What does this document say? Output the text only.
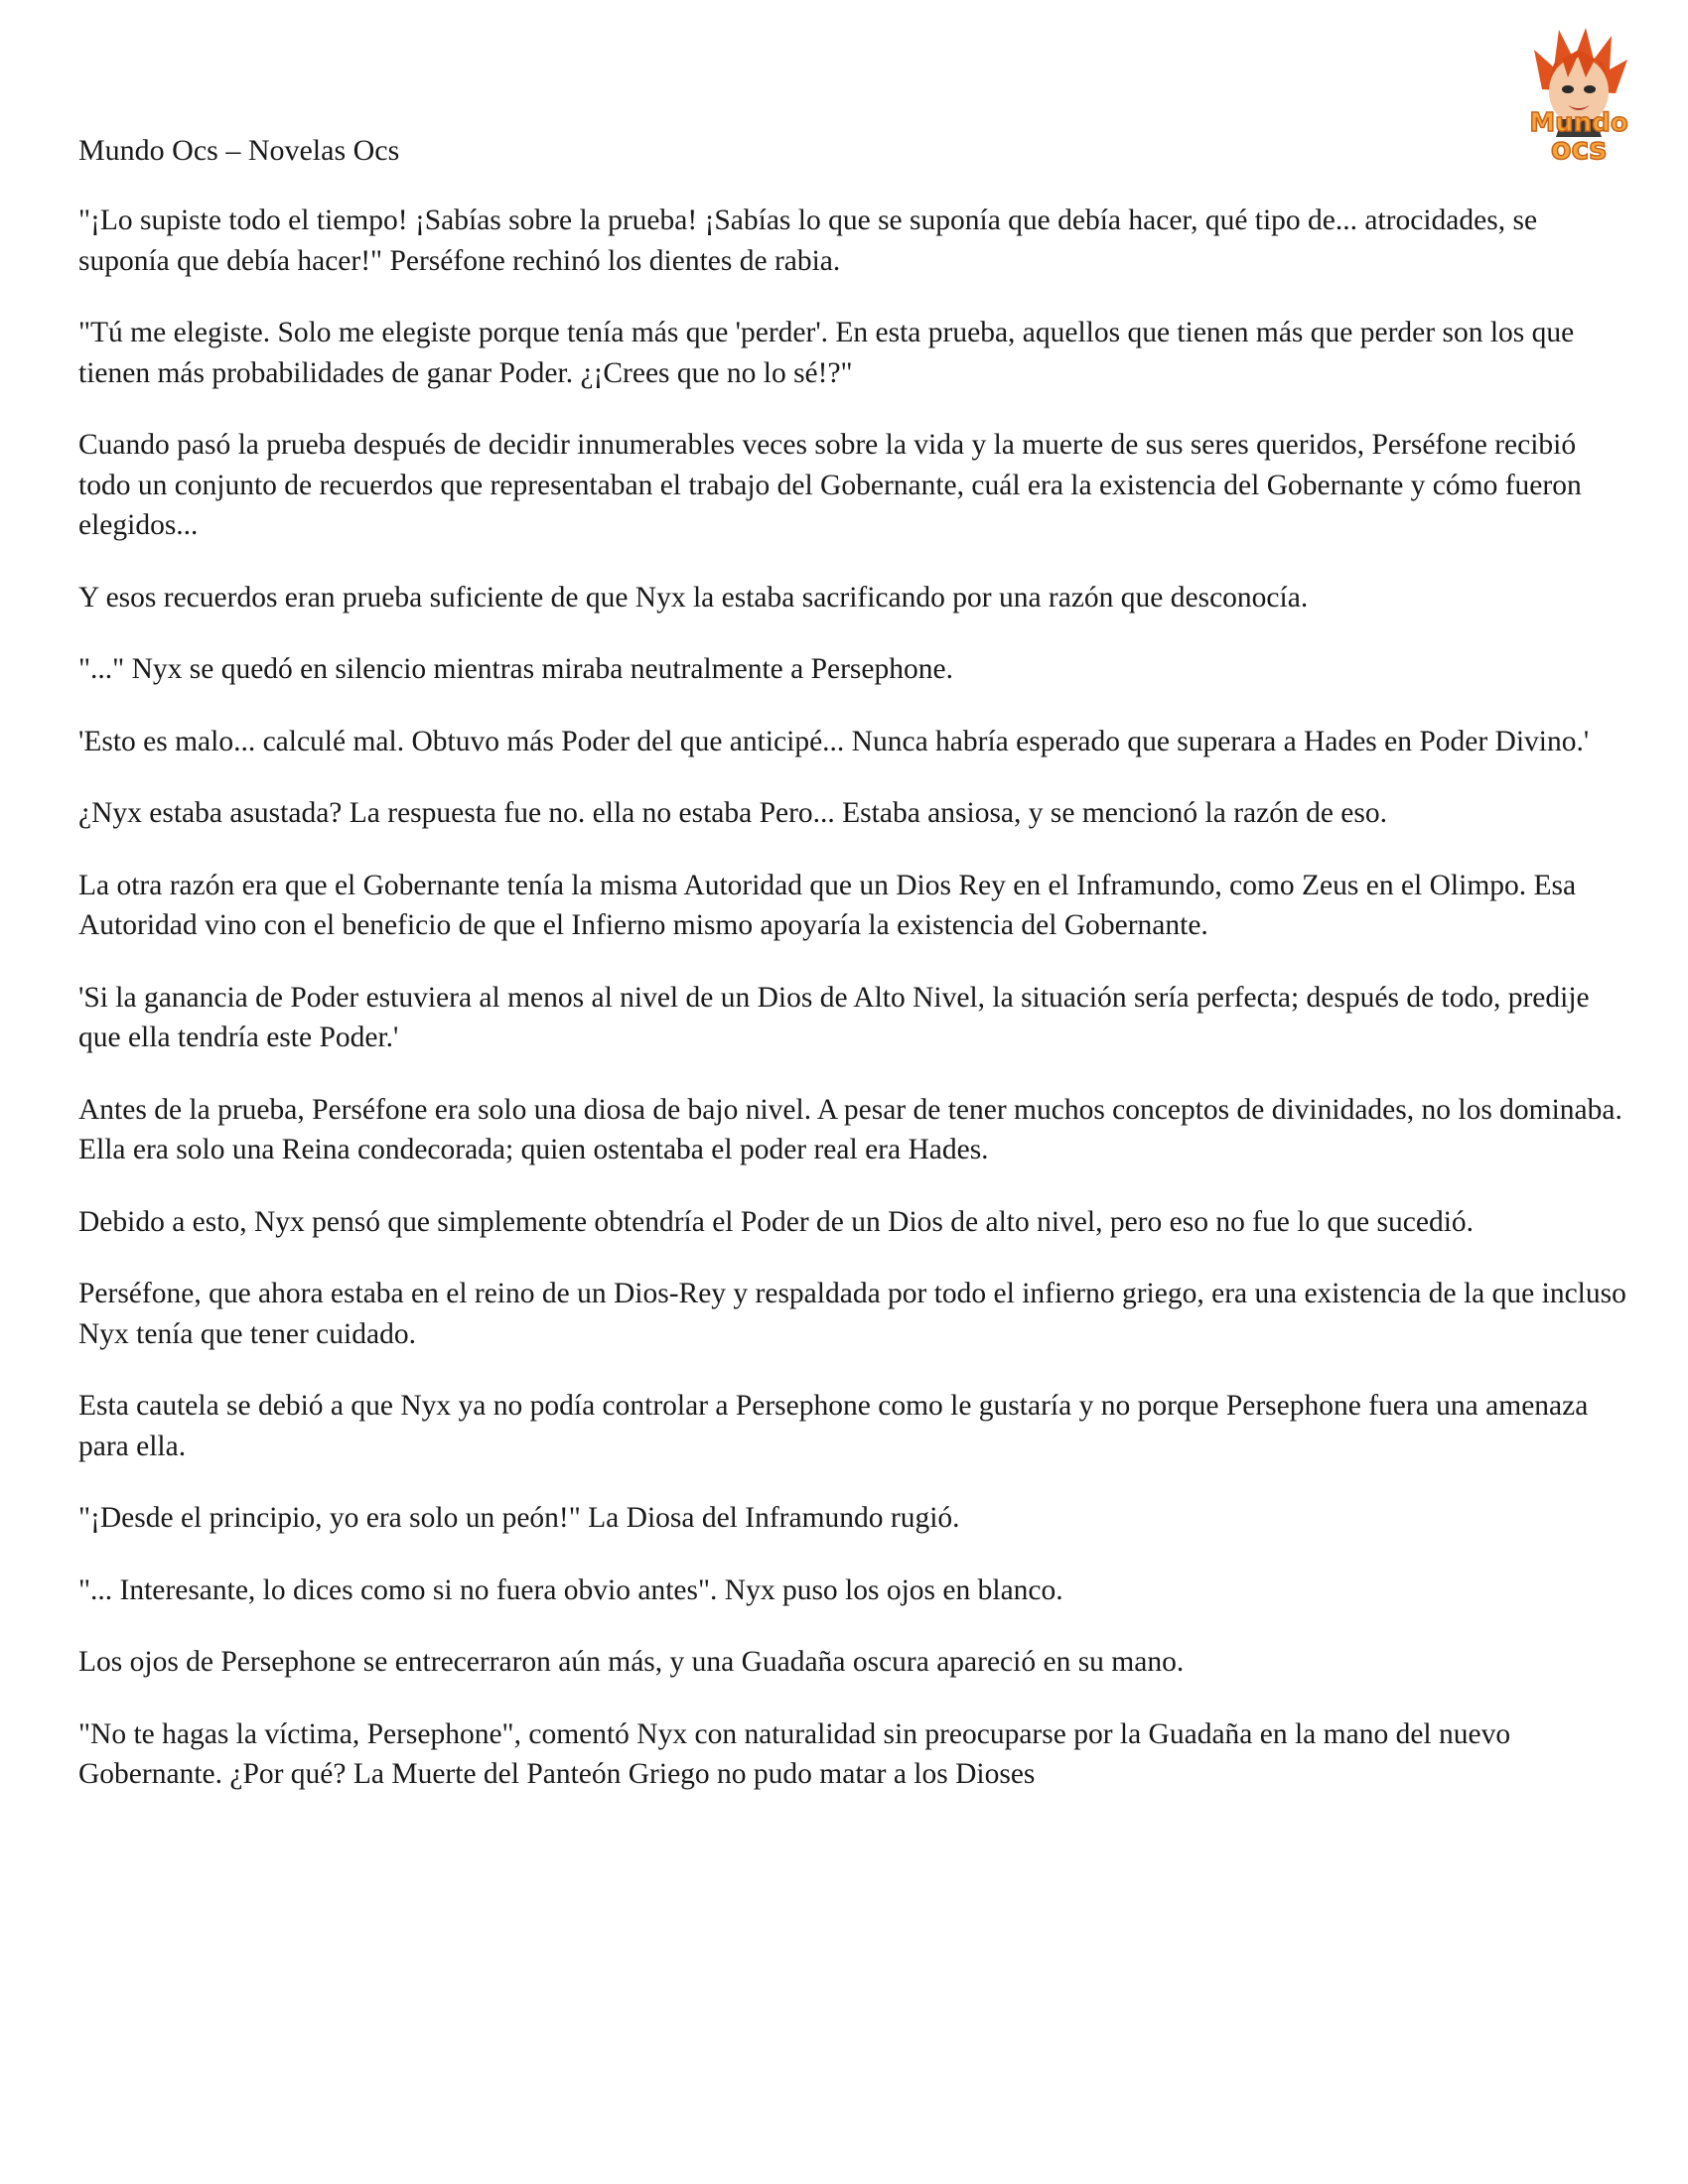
Mundo
ocs
Mundo Ocs – Novelas Ocs

"¡Lo supiste todo el tiempo! ¡Sabías sobre la prueba! ¡Sabías lo que se suponía que debía hacer, qué tipo de... atrocidades, se suponía que debía hacer!" Perséfone rechinó los dientes de rabia.

"Tú me elegiste. Solo me elegiste porque tenía más que 'perder'. En esta prueba, aquellos que tienen más que perder son los que tienen más probabilidades de ganar Poder. ¿¡Crees que no lo sé!?"

Cuando pasó la prueba después de decidir innumerables veces sobre la vida y la muerte de sus seres queridos, Perséfone recibió todo un conjunto de recuerdos que representaban el trabajo del Gobernante, cuál era la existencia del Gobernante y cómo fueron elegidos...

Y esos recuerdos eran prueba suficiente de que Nyx la estaba sacrificando por una razón que desconocía.

"..." Nyx se quedó en silencio mientras miraba neutralmente a Persephone.

'Esto es malo... calculé mal. Obtuvo más Poder del que anticipé... Nunca habría esperado que superara a Hades en Poder Divino.'

¿Nyx estaba asustada? La respuesta fue no. ella no estaba Pero... Estaba ansiosa, y se mencionó la razón de eso.

La otra razón era que el Gobernante tenía la misma Autoridad que un Dios Rey en el Inframundo, como Zeus en el Olimpo. Esa Autoridad vino con el beneficio de que el Infierno mismo apoyaría la existencia del Gobernante.

'Si la ganancia de Poder estuviera al menos al nivel de un Dios de Alto Nivel, la situación sería perfecta; después de todo, predije que ella tendría este Poder.'

Antes de la prueba, Perséfone era solo una diosa de bajo nivel. A pesar de tener muchos conceptos de divinidades, no los dominaba. Ella era solo una Reina condecorada; quien ostentaba el poder real era Hades.

Debido a esto, Nyx pensó que simplemente obtendría el Poder de un Dios de alto nivel, pero eso no fue lo que sucedió.

Perséfone, que ahora estaba en el reino de un Dios-Rey y respaldada por todo el infierno griego, era una existencia de la que incluso Nyx tenía que tener cuidado.

Esta cautela se debió a que Nyx ya no podía controlar a Persephone como le gustaría y no porque Persephone fuera una amenaza para ella.

"¡Desde el principio, yo era solo un peón!" La Diosa del Inframundo rugió.

"... Interesante, lo dices como si no fuera obvio antes". Nyx puso los ojos en blanco.

Los ojos de Persephone se entrecerraron aún más, y una Guadaña oscura apareció en su mano.

"No te hagas la víctima, Persephone", comentó Nyx con naturalidad sin preocuparse por la Guadaña en la mano del nuevo Gobernante. ¿Por qué? La Muerte del Panteón Griego no pudo matar a los Dioses
